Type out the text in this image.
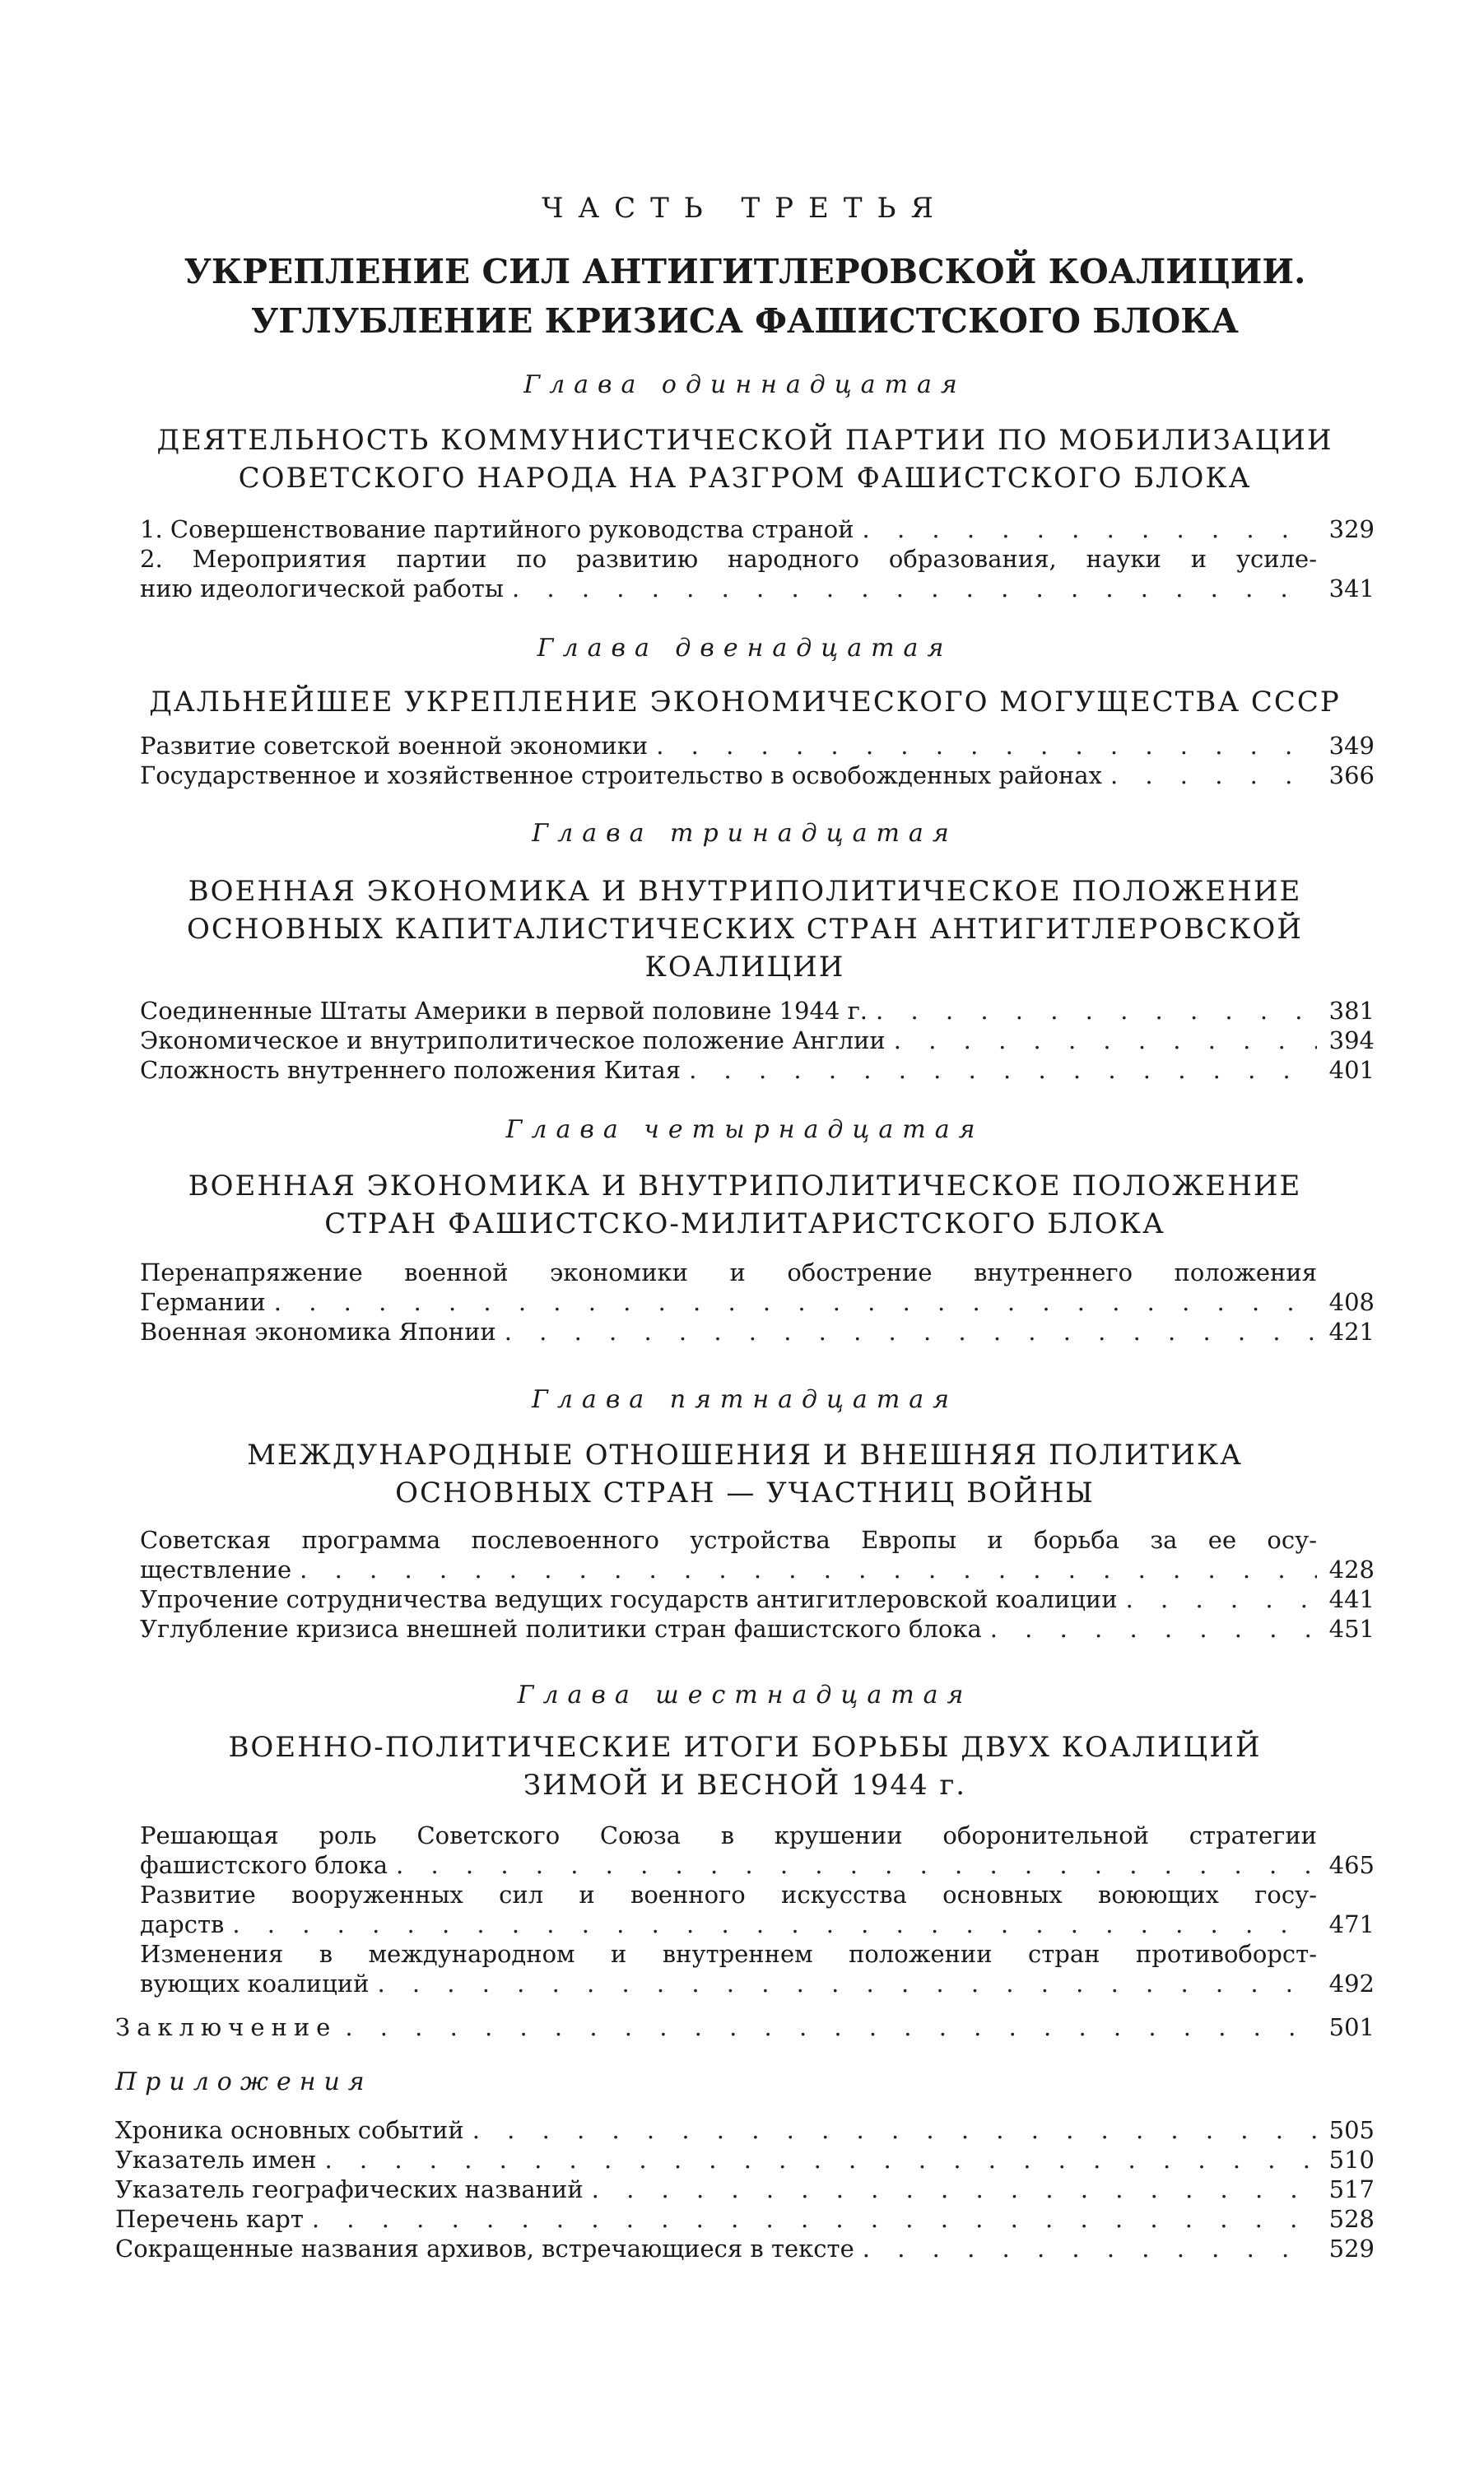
ЧАСТЬ ТРЕТЬЯ
УКРЕПЛЕНИЕ СИЛ АНТИГИТЛЕРОВСКОЙ КОАЛИЦИИ.
УГЛУБЛЕНИЕ КРИЗИСА ФАШИСТСКОГО БЛОКА
Глава одиннадцатая
ДЕЯТЕЛЬНОСТЬ КОММУНИСТИЧЕСКОЙ ПАРТИИ ПО МОБИЛИЗАЦИИ
СОВЕТСКОГО НАРОДА НА РАЗГРОМ ФАШИСТСКОГО БЛОКА
1. Совершенствование партийного руководства страной . . .	329
2. Мероприятия партии по развитию народного образования, науки и усиле-
нию идеологической работы . . .	341
Глава двенадцатая
ДАЛЬНЕЙШЕЕ УКРЕПЛЕНИЕ ЭКОНОМИЧЕСКОГО МОГУЩЕСТВА СССР
Развитие советской военной экономики . . .	349
Государственное и хозяйственное строительство в освобожденных районах . . .	366
Глава тринадцатая
ВОЕННАЯ ЭКОНОМИКА И ВНУТРИПОЛИТИЧЕСКОЕ ПОЛОЖЕНИЕ
ОСНОВНЫХ КАПИТАЛИСТИЧЕСКИХ СТРАН АНТИГИТЛЕРОВСКОЙ
КОАЛИЦИИ
Соединенные Штаты Америки в первой половине 1944 г. . . .	381
Экономическое и внутриполитическое положение Англии . . .	394
Сложность внутреннего положения Китая . . .	401
Глава четырнадцатая
ВОЕННАЯ ЭКОНОМИКА И ВНУТРИПОЛИТИЧЕСКОЕ ПОЛОЖЕНИЕ
СТРАН ФАШИСТСКО-МИЛИТАРИСТСКОГО БЛОКА
Перенапряжение военной экономики и обострение внутреннего положения
Германии . . .	408
Военная экономика Японии . . .	421
Глава пятнадцатая
МЕЖДУНАРОДНЫЕ ОТНОШЕНИЯ И ВНЕШНЯЯ ПОЛИТИКА
ОСНОВНЫХ СТРАН — УЧАСТНИЦ ВОЙНЫ
Советская программа послевоенного устройства Европы и борьба за ее осу-
ществление . . .	428
Упрочение сотрудничества ведущих государств антигитлеровской коалиции . . .	441
Углубление кризиса внешней политики стран фашистского блока . . .	451
Глава шестнадцатая
ВОЕННО-ПОЛИТИЧЕСКИЕ ИТОГИ БОРЬБЫ ДВУХ КОАЛИЦИЙ
ЗИМОЙ И ВЕСНОЙ 1944 г.
Решающая роль Советского Союза в крушении оборонительной стратегии
фашистского блока . . .	465
Развитие вооруженных сил и военного искусства основных воюющих госу-
дарств . . .	471
Изменения в международном и внутреннем положении стран противоборст-
вующих коалиций . . .	492
Заключение . . .	501
Приложения
Хроника основных событий . . .	505
Указатель имен . . .	510
Указатель географических названий . . .	517
Перечень карт . . .	528
Сокращенные названия архивов, встречающиеся в тексте . . .	529
